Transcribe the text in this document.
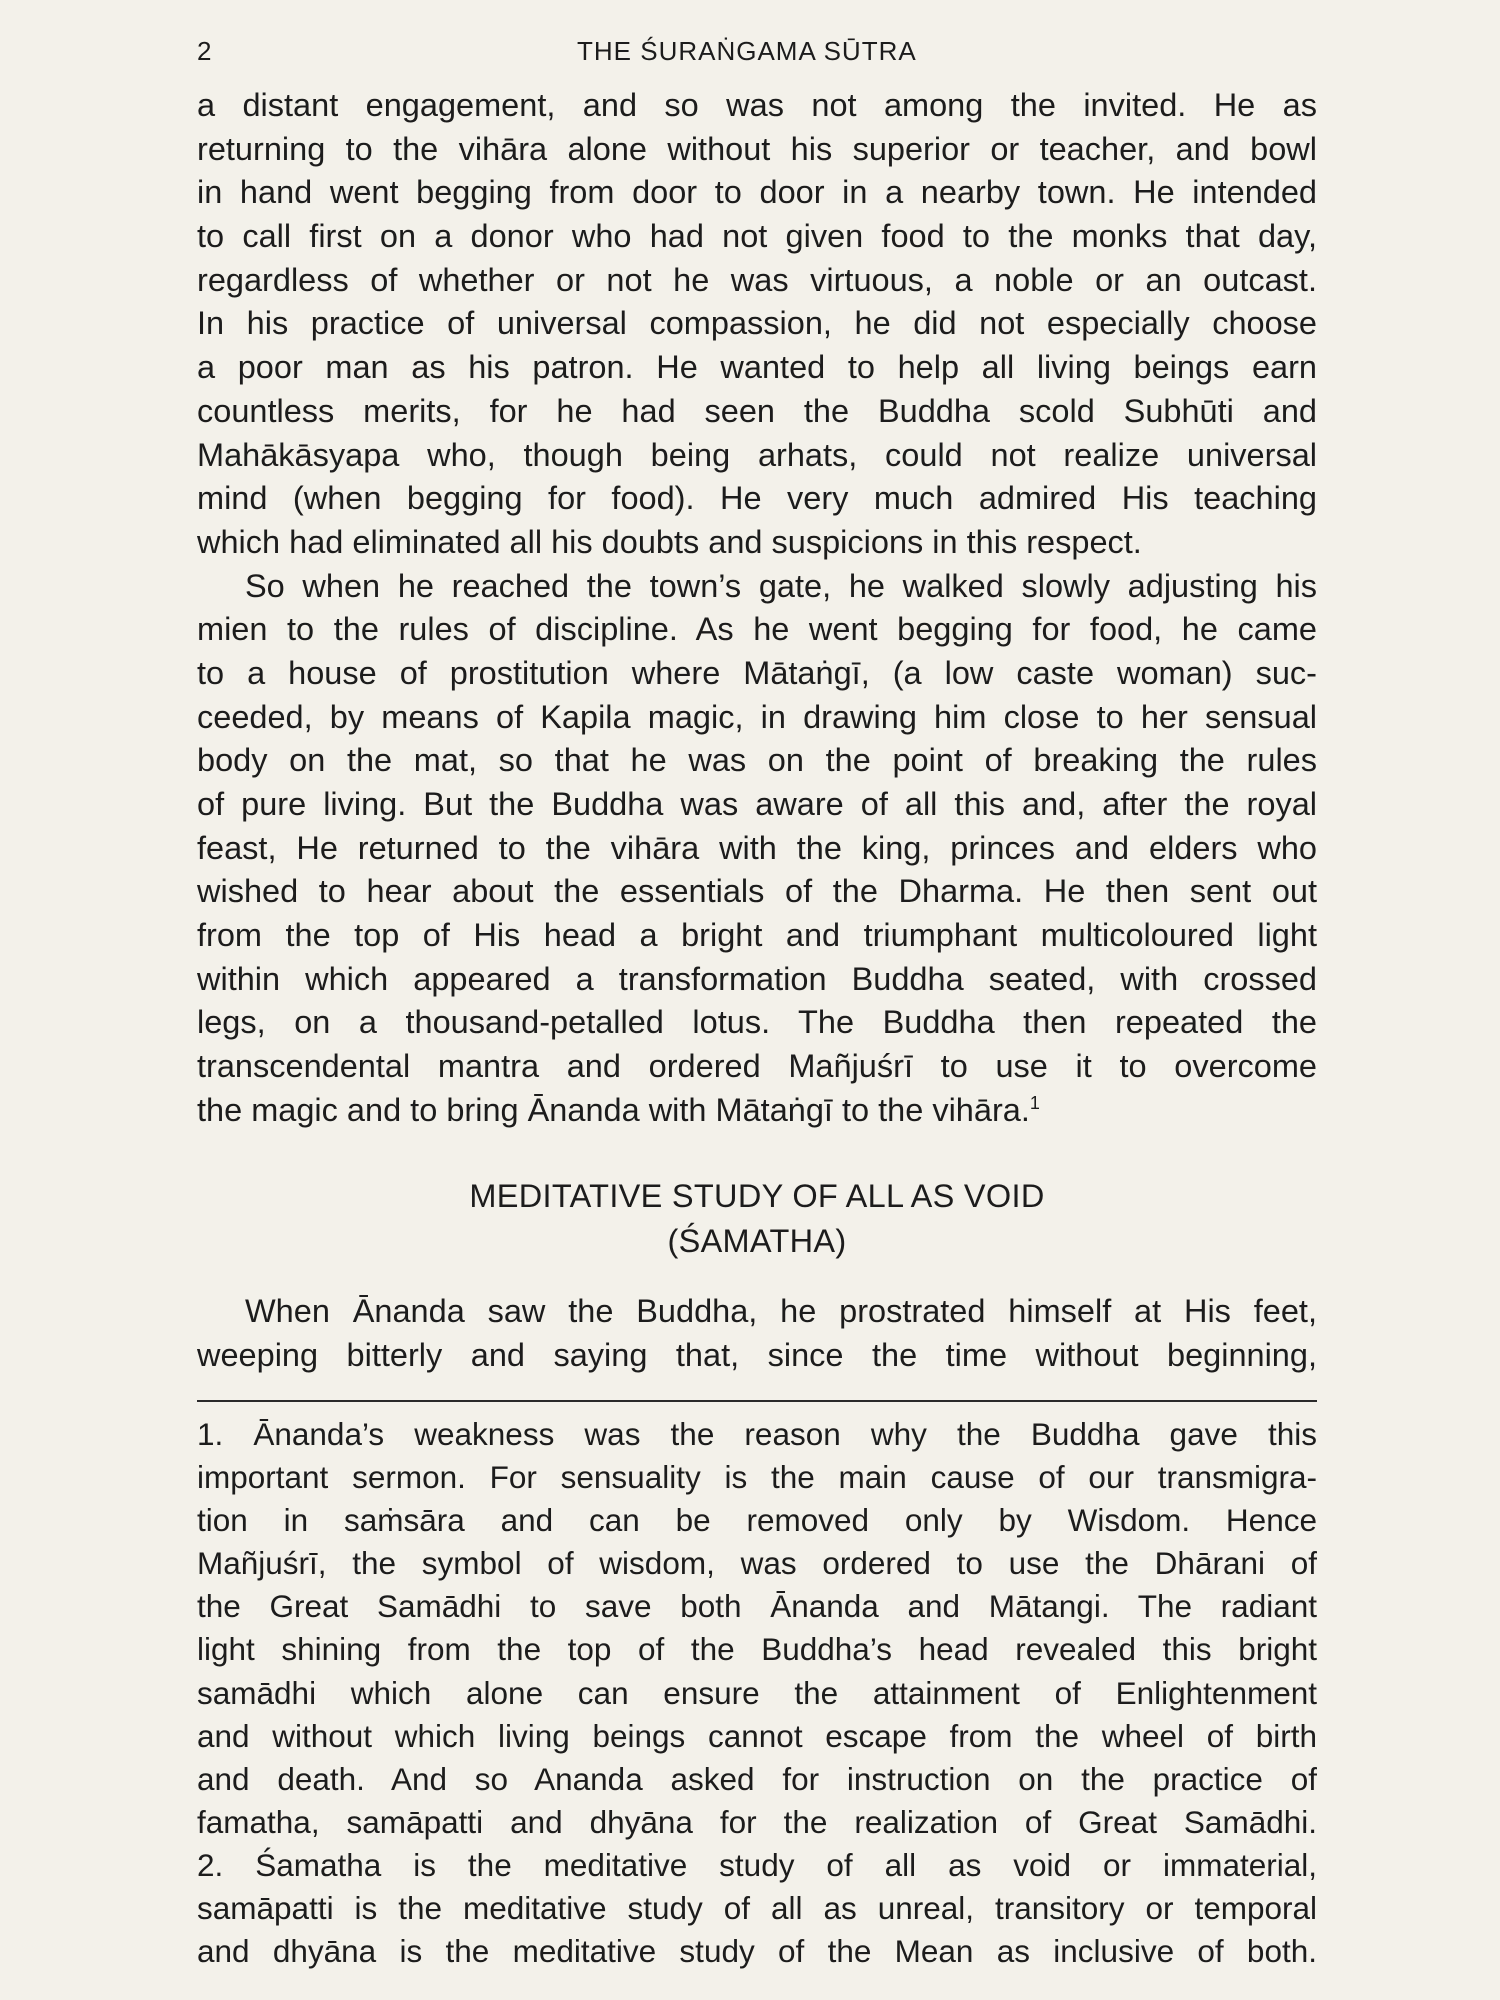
2	THE ŚURAṄGAMA SŪTRA
a distant engagement, and so was not among the invited. He as
returning to the vihāra alone without his superior or teacher, and bowl
in hand went begging from door to door in a nearby town. He intended
to call first on a donor who had not given food to the monks that day,
regardless of whether or not he was virtuous, a noble or an outcast.
In his practice of universal compassion, he did not especially choose
a poor man as his patron. He wanted to help all living beings earn
countless merits, for he had seen the Buddha scold Subhūti and
Mahākāsyapa who, though being arhats, could not realize universal
mind (when begging for food). He very much admired His teaching
which had eliminated all his doubts and suspicions in this respect.
So when he reached the town’s gate, he walked slowly adjusting his
mien to the rules of discipline. As he went begging for food, he came
to a house of prostitution where Mātaṅgī, (a low caste woman) suc-
ceeded, by means of Kapila magic, in drawing him close to her sensual
body on the mat, so that he was on the point of breaking the rules
of pure living. But the Buddha was aware of all this and, after the royal
feast, He returned to the vihāra with the king, princes and elders who
wished to hear about the essentials of the Dharma. He then sent out
from the top of His head a bright and triumphant multicoloured light
within which appeared a transformation Buddha seated, with crossed
legs, on a thousand-petalled lotus. The Buddha then repeated the
transcendental mantra and ordered Mañjuśrī to use it to overcome
the magic and to bring Ānanda with Mātaṅgī to the vihāra.$^1$
MEDITATIVE STUDY OF ALL AS VOID
(ŚAMATHA)
When Ānanda saw the Buddha, he prostrated himself at His feet,
weeping bitterly and saying that, since the time without beginning,
1. Ānanda’s weakness was the reason why the Buddha gave this
important sermon. For sensuality is the main cause of our transmigra-
tion in saṁsāra and can be removed only by Wisdom. Hence
Mañjuśrī, the symbol of wisdom, was ordered to use the Dhārani of
the Great Samādhi to save both Ānanda and Mātangi. The radiant
light shining from the top of the Buddha’s head revealed this bright
samādhi which alone can ensure the attainment of Enlightenment
and without which living beings cannot escape from the wheel of birth
and death. And so Ananda asked for instruction on the practice of
famatha, samāpatti and dhyāna for the realization of Great Samādhi.
2. Śamatha is the meditative study of all as void or immaterial,
samāpatti is the meditative study of all as unreal, transitory or temporal
and dhyāna is the meditative study of the Mean as inclusive of both.
